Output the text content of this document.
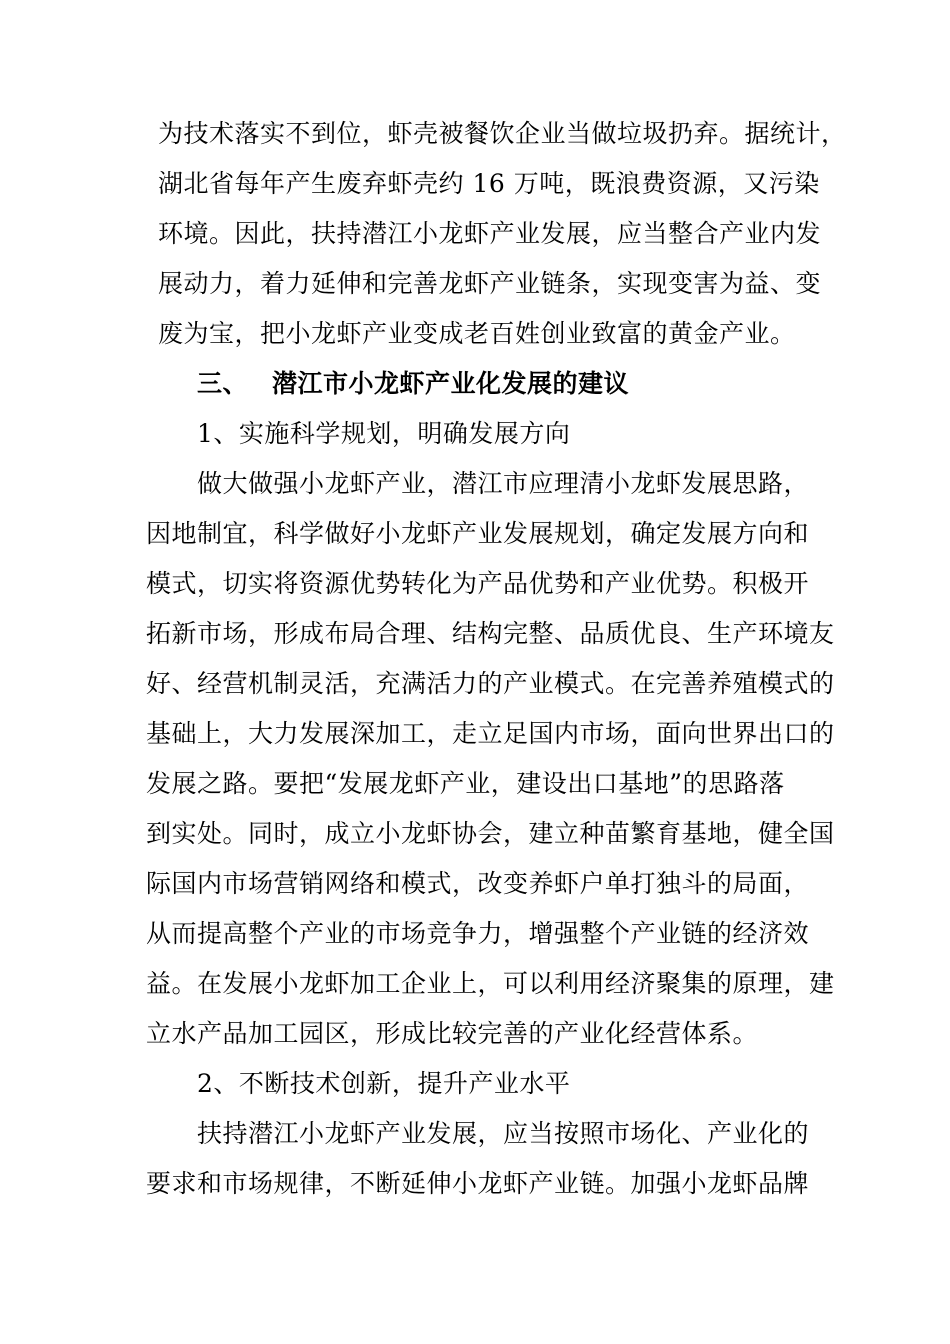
为技术落实不到位，虾壳被餐饮企业当做垃圾扔弃。据统计，
湖北省每年产生废弃虾壳约 16 万吨，既浪费资源，又污染
环境。因此，扶持潜江小龙虾产业发展，应当整合产业内发
展动力，着力延伸和完善龙虾产业链条，实现变害为益、变
废为宝，把小龙虾产业变成老百姓创业致富的黄金产业。
三、 潜江市小龙虾产业化发展的建议
1、实施科学规划，明确发展方向
做大做强小龙虾产业，潜江市应理清小龙虾发展思路，
因地制宜，科学做好小龙虾产业发展规划，确定发展方向和
模式，切实将资源优势转化为产品优势和产业优势。积极开
拓新市场，形成布局合理、结构完整、品质优良、生产环境友
好、经营机制灵活，充满活力的产业模式。在完善养殖模式的
基础上，大力发展深加工，走立足国内市场，面向世界出口的
发展之路。要把“发展龙虾产业，建设出口基地”的思路落
到实处。同时，成立小龙虾协会，建立种苗繁育基地，健全国
际国内市场营销网络和模式，改变养虾户单打独斗的局面，
从而提高整个产业的市场竞争力，增强整个产业链的经济效
益。在发展小龙虾加工企业上，可以利用经济聚集的原理，建
立水产品加工园区，形成比较完善的产业化经营体系。
2、不断技术创新，提升产业水平
扶持潜江小龙虾产业发展，应当按照市场化、产业化的
要求和市场规律，不断延伸小龙虾产业链。加强小龙虾品牌
